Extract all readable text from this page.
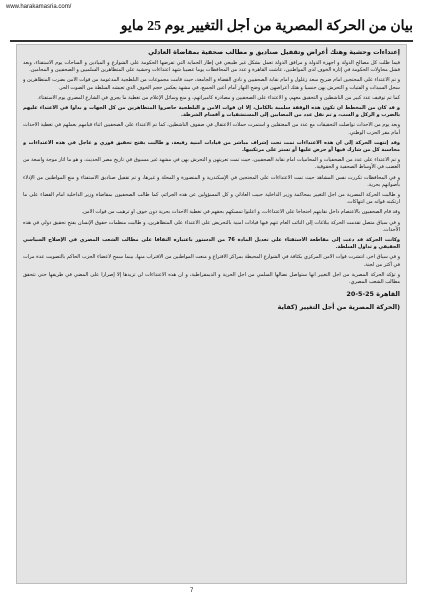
www.harakamasria.com/
بيان من الحركة المصرية من أجل التغيير يوم 25 مايو
إعتداءات وحشية وهتك أعراض وتقفيل صناديق و مطالب صحفية بمقاضاة العادلي

فيما ظلت كل مصالح الدولة و أجهزة الدولة و مرافق الدولة تعمل بشكل غير طبيعي في إطار الحماية التي تفرضها الحكومة على الشوارع و الميادين و الساحات يوم الاستفتاء، وبعد فشل محاولات الحكومة في إثارة الخوف لدى المواطنين، عاشت القاهرة و عدد من المحافظات يوما عصيبا شهد اعتداءات وحشية على المتظاهرين السلميين و الصحفيين و المحامين.

و تم الاعتداء على المحتجين أمام ضريح سعد زغلول و أمام نقابة الصحفيين و نادي القضاة و الجامعة، حيث قامت مجموعات من البلطجية المدعومة من قوات الأمن بضرب المتظاهرين و سحل السيدات و الفتيات و التحرش بهن جنسيا و هتك أعراضهن في وضح النهار أمام أعين الجميع، في مشهد يعكس حجم الخوف الذي تعيشه السلطة من الصوت الحر.

كما تم توقيف عدد كبير من الناشطين و التحقيق معهم، و الاعتداء على الصحفيين و مصادرة كاميراتهم، و منع وسائل الإعلام من تغطية ما يجري في الشارع المصري يوم الاستفتاء.

و قد كان من المخطط أن تكون هذه الوقفة سلمية بالكامل، إلا أن قوات الأمن و البلطجية حاصروا المتظاهرين من كل الجهات و بدأوا في الاعتداء عليهم بالضرب و الركل و السب، و تم نقل عدد من المصابين إلى المستشفيات و أقسام الشرطة.

وبعد يوم من الأحداث تواصلت التحقيقات مع عدد من المعتقلين و استمرت حملات الاعتقال في صفوف الناشطين، كما تم الاعتداء على الصحفيين أثناء قيامهم بعملهم في تغطية الأحداث أمام مقر الحزب الوطني.

وقد إنتهت الحركة إلى أن هذه الاعتداءات تمت تحت إشراف مباشر من قيادات أمنية رفيعة، و طالبت بفتح تحقيق فوري و عاجل في هذه الاعتداءات و محاسبة كل من شارك فيها أو حرض عليها أو تستر على مرتكبيها.

و تم الاعتداء على عدد من الصحفيات و المحاميات أمام نقابة الصحفيين، حيث تمت تعريتهن و التحرش بهن في مشهد غير مسبوق في تاريخ مصر الحديث، و هو ما أثار موجة واسعة من الغضب في الأوساط الصحفية و الحقوقية.

و في المحافظات تكررت نفس المشاهد حيث تمت الاعتداءات على المحتجين في الإسكندرية و المنصورة و المحلة و غيرها، و تم تقفيل صناديق الاستفتاء و منع المواطنين من الإدلاء بأصواتهم بحرية.

و طالبت الحركة المصرية من أجل التغيير بمحاكمة وزير الداخلية حبيب العادلي و كل المسؤولين عن هذه الجرائم، كما طالب الصحفيون بمقاضاة وزير الداخلية أمام القضاء على ما ارتكبته قواته من انتهاكات.

وقد قام الصحفيون بالاعتصام داخل نقابتهم احتجاجا على الاعتداءات، و أعلنوا تمسكهم بحقهم في تغطية الأحداث بحرية دون خوف أو ترهيب من قوات الأمن.

و في سياق متصل تقدمت الحركة ببلاغات إلى النائب العام تتهم فيها قيادات أمنية بالتحريض على الاعتداء على المتظاهرين، و طالبت منظمات حقوق الإنسان بفتح تحقيق دولي في هذه الأحداث.

وكانت الحركة قد دعت إلى مقاطعة الاستفتاء على تعديل المادة 76 من الدستور باعتباره التفافا على مطالب الشعب المصري في الإصلاح السياسي الحقيقي و تداول السلطة.

و في سياق آخر، انتشرت قوات الأمن المركزي بكثافة في الشوارع المحيطة بمراكز الاقتراع و منعت المواطنين من الاقتراب منها، بينما سمح لأعضاء الحزب الحاكم بالتصويت عدة مرات في أكثر من لجنة.

و تؤكد الحركة المصرية من أجل التغيير أنها ستواصل نضالها السلمي من أجل الحرية و الديمقراطية، و أن هذه الاعتداءات لن تزيدها إلا إصرارا على المضي في طريقها حتى تتحقق مطالب الشعب المصري.

القاهرة 25-5-20
(الحركة المصرية من أجل التغيير (كفاية
7
